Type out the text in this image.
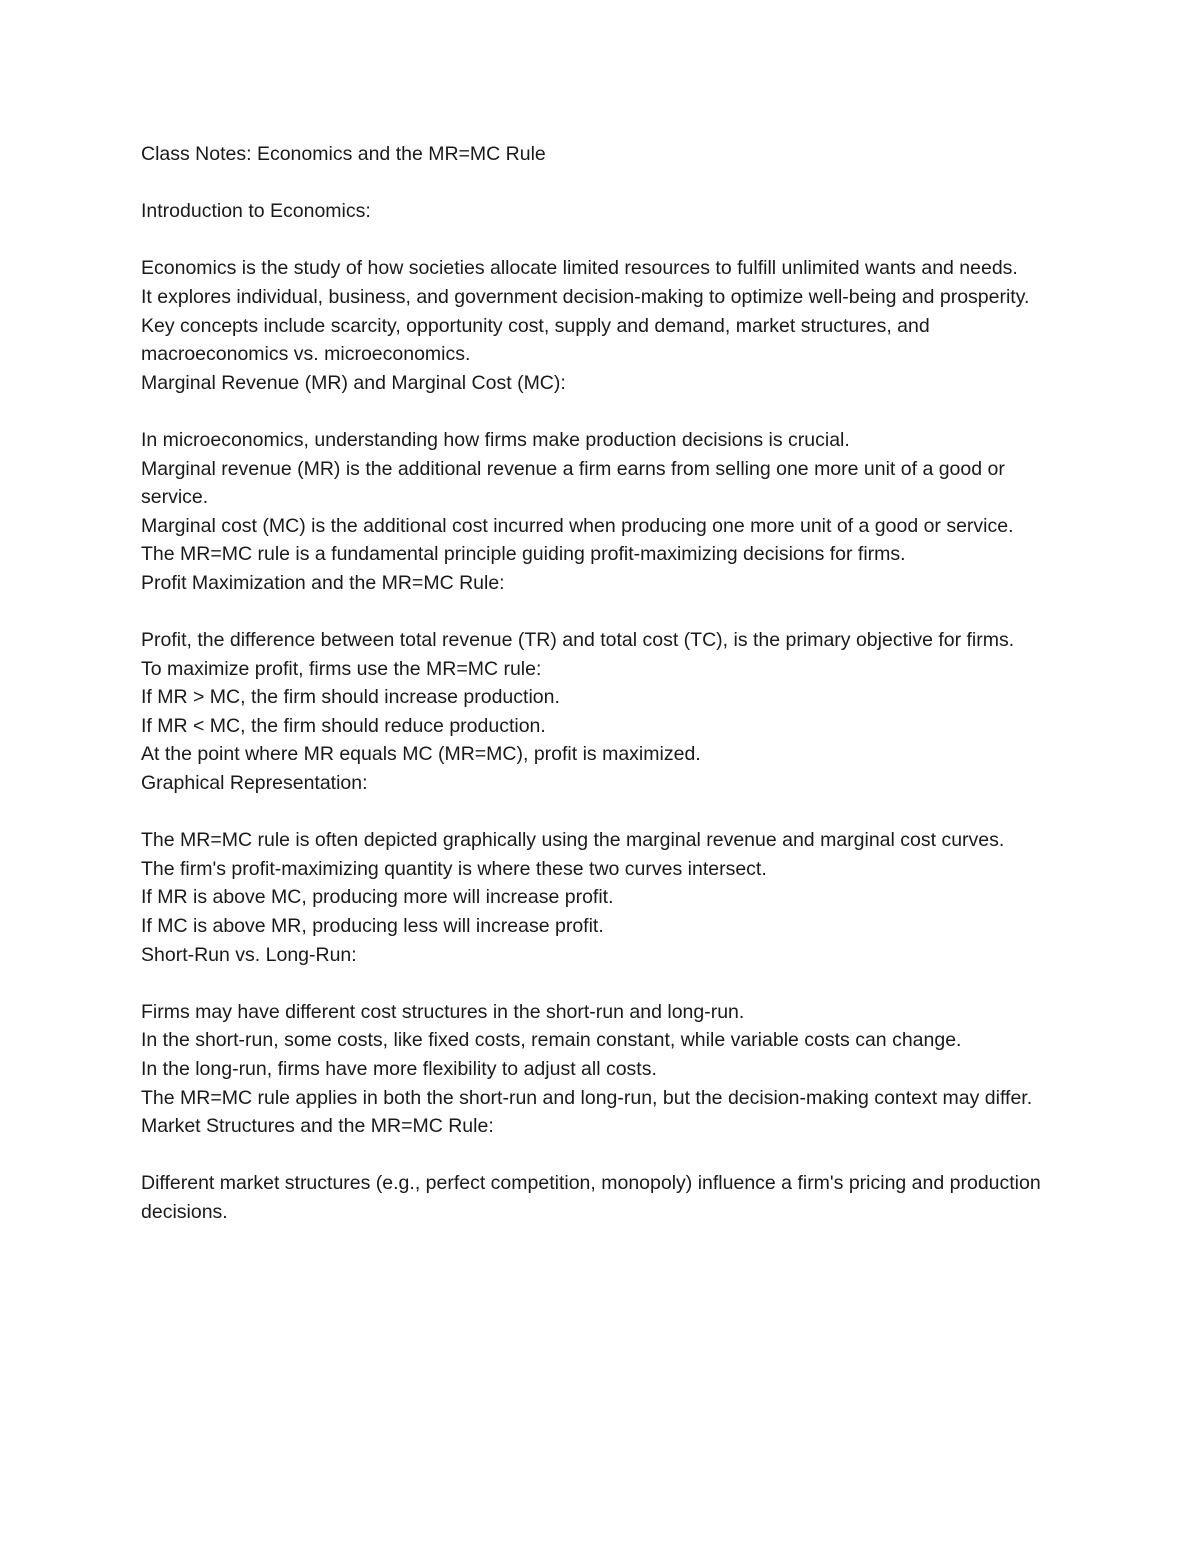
Class Notes: Economics and the MR=MC Rule

Introduction to Economics:

Economics is the study of how societies allocate limited resources to fulfill unlimited wants and needs.

It explores individual, business, and government decision-making to optimize well-being and prosperity.

Key concepts include scarcity, opportunity cost, supply and demand, market structures, and macroeconomics vs. microeconomics.

Marginal Revenue (MR) and Marginal Cost (MC):

In microeconomics, understanding how firms make production decisions is crucial.

Marginal revenue (MR) is the additional revenue a firm earns from selling one more unit of a good or service.

Marginal cost (MC) is the additional cost incurred when producing one more unit of a good or service.

The MR=MC rule is a fundamental principle guiding profit-maximizing decisions for firms.

Profit Maximization and the MR=MC Rule:

Profit, the difference between total revenue (TR) and total cost (TC), is the primary objective for firms.

To maximize profit, firms use the MR=MC rule:

If MR > MC, the firm should increase production.

If MR < MC, the firm should reduce production.

At the point where MR equals MC (MR=MC), profit is maximized.

Graphical Representation:

The MR=MC rule is often depicted graphically using the marginal revenue and marginal cost curves.

The firm's profit-maximizing quantity is where these two curves intersect.

If MR is above MC, producing more will increase profit.

If MC is above MR, producing less will increase profit.

Short-Run vs. Long-Run:

Firms may have different cost structures in the short-run and long-run.

In the short-run, some costs, like fixed costs, remain constant, while variable costs can change.

In the long-run, firms have more flexibility to adjust all costs.

The MR=MC rule applies in both the short-run and long-run, but the decision-making context may differ.

Market Structures and the MR=MC Rule:

Different market structures (e.g., perfect competition, monopoly) influence a firm's pricing and production decisions.
